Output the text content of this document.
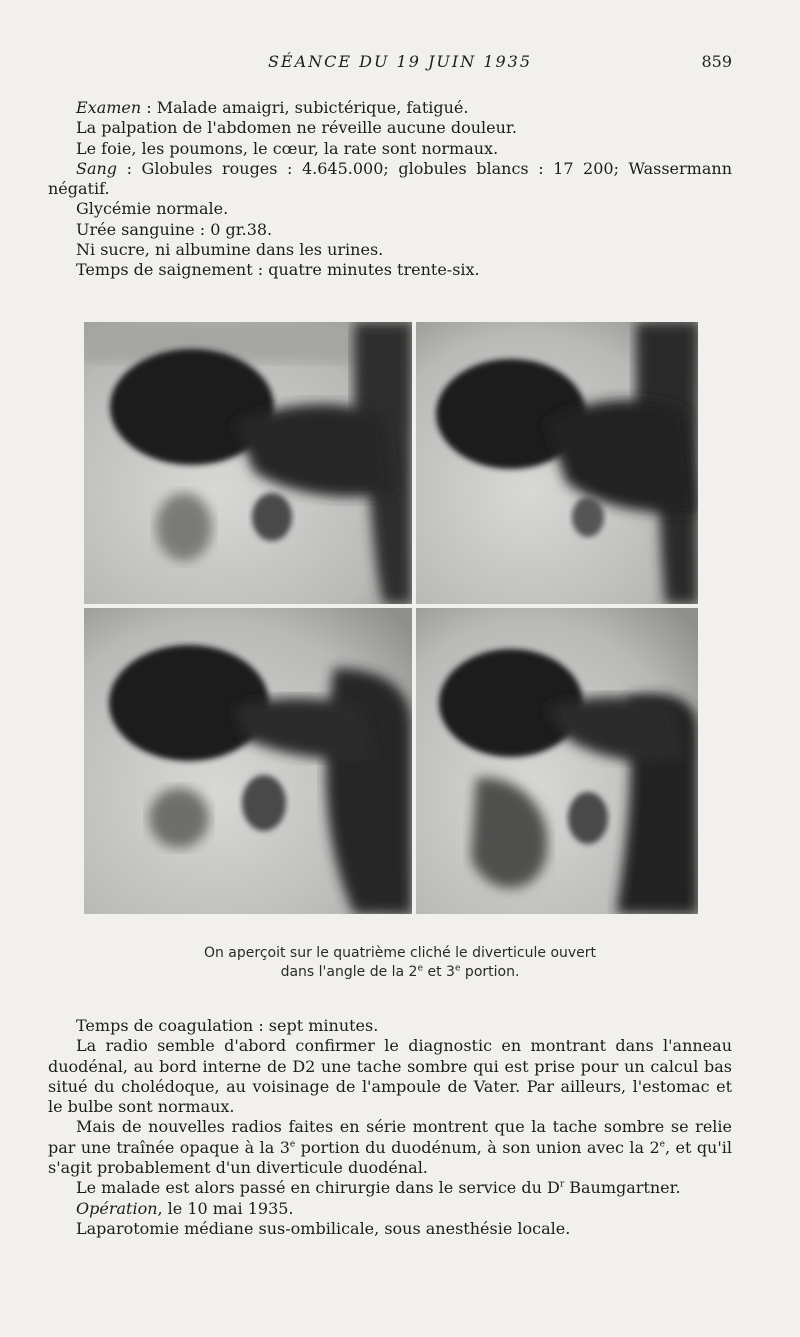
SÉANCE DU 19 JUIN 1935	859

Examen : Malade amaigri, subictérique, fatigué.

La palpation de l'abdomen ne réveille aucune douleur.

Le foie, les poumons, le cœur, la rate sont normaux.

Sang : Globules rouges : 4.645.000; globules blancs : 17 200; Wassermann négatif.

Glycémie normale.

Urée sanguine : 0 gr.38.

Ni sucre, ni albumine dans les urines.

Temps de saignement : quatre minutes trente-six.

On aperçoit sur le quatrième cliché le diverticule ouvert
dans l'angle de la 2e et 3e portion.

Temps de coagulation : sept minutes.

La radio semble d'abord confirmer le diagnostic en montrant dans l'anneau duodénal, au bord interne de D2 une tache sombre qui est prise pour un calcul bas situé du cholédoque, au voisinage de l'ampoule de Vater. Par ailleurs, l'estomac et le bulbe sont normaux.

Mais de nouvelles radios faites en série montrent que la tache sombre se relie par une traînée opaque à la 3e portion du duodénum, à son union avec la 2e, et qu'il s'agit probablement d'un diverticule duodénal.

Le malade est alors passé en chirurgie dans le service du $D^r$ Baumgartner.

Opération, le 10 mai 1935.

Laparotomie médiane sus-ombilicale, sous anesthésie locale.
